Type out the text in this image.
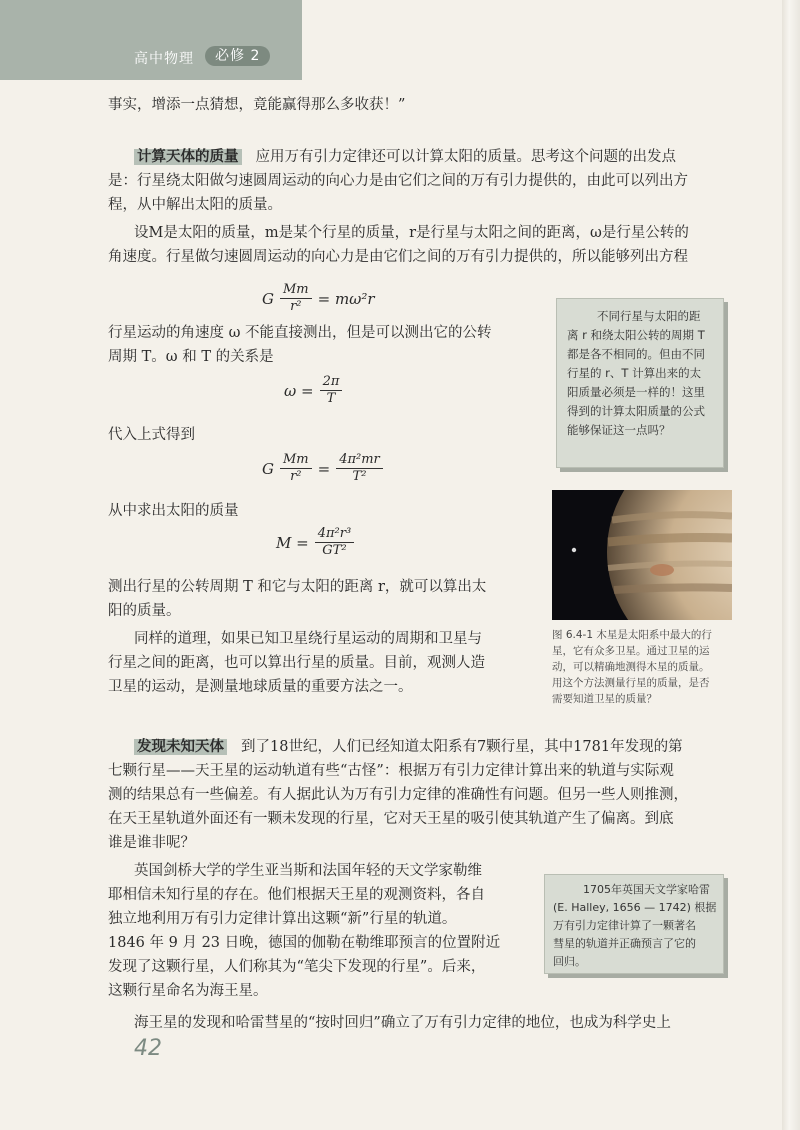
高中物理	必修 2
事实，增添一点猜想，竟能赢得那么多收获！”
计算天体的质量 应用万有引力定律还可以计算太阳的质量。思考这个问题的出发点
是：行星绕太阳做匀速圆周运动的向心力是由它们之间的万有引力提供的，由此可以列出方
程，从中解出太阳的质量。
设M是太阳的质量，m是某个行星的质量，r是行星与太阳之间的距离，ω是行星公转的
角速度。行星做匀速圆周运动的向心力是由它们之间的万有引力提供的，所以能够列出方程
G $\frac{Mm}{\text{r²}} = m\omega^2r$
行星运动的角速度 ω 不能直接测出，但是可以测出它的公转
周期 T。ω 和 T 的关系是
$\omega = \frac{2\pi}{T}$
代入上式得到
G $\frac{Mm}{\text{r²}} = \frac{\text{4π²mr}}{\text{T²}}$
从中求出太阳的质量
$M = \frac{\text{4π²r³}}{\text{GT²}}$
测出行星的公转周期 T 和它与太阳的距离 r，就可以算出太
阳的质量。
同样的道理，如果已知卫星绕行星运动的周期和卫星与
行星之间的距离，也可以算出行星的质量。目前，观测人造
卫星的运动，是测量地球质量的重要方法之一。
不同行星与太阳的距
离 r 和绕太阳公转的周期 T
都是各不相同的。但由不同
行星的 r、T 计算出来的太
阳质量必须是一样的！这里
得到的计算太阳质量的公式
能够保证这一点吗？
图 6.4-1 木星是太阳系中最大的行
星，它有众多卫星。通过卫星的运
动，可以精确地测得木星的质量。
用这个方法测量行星的质量，是否
需要知道卫星的质量？
发现未知天体 到了18世纪，人们已经知道太阳系有7颗行星，其中1781年发现的第
七颗行星——天王星的运动轨道有些“古怪”：根据万有引力定律计算出来的轨道与实际观
测的结果总有一些偏差。有人据此认为万有引力定律的准确性有问题。但另一些人则推测，
在天王星轨道外面还有一颗未发现的行星，它对天王星的吸引使其轨道产生了偏离。到底
谁是谁非呢？
英国剑桥大学的学生亚当斯和法国年轻的天文学家勒维
耶相信未知行星的存在。他们根据天王星的观测资料，各自
独立地利用万有引力定律计算出这颗“新”行星的轨道。
1846 年 9 月 23 日晚，德国的伽勒在勒维耶预言的位置附近
发现了这颗行星，人们称其为“笔尖下发现的行星”。后来，
这颗行星命名为海王星。
海王星的发现和哈雷彗星的“按时回归”确立了万有引力定律的地位，也成为科学史上
1705年英国天文学家哈雷
(E. Halley, 1656 — 1742) 根据
万有引力定律计算了一颗著名
彗星的轨道并正确预言了它的
回归。
42
